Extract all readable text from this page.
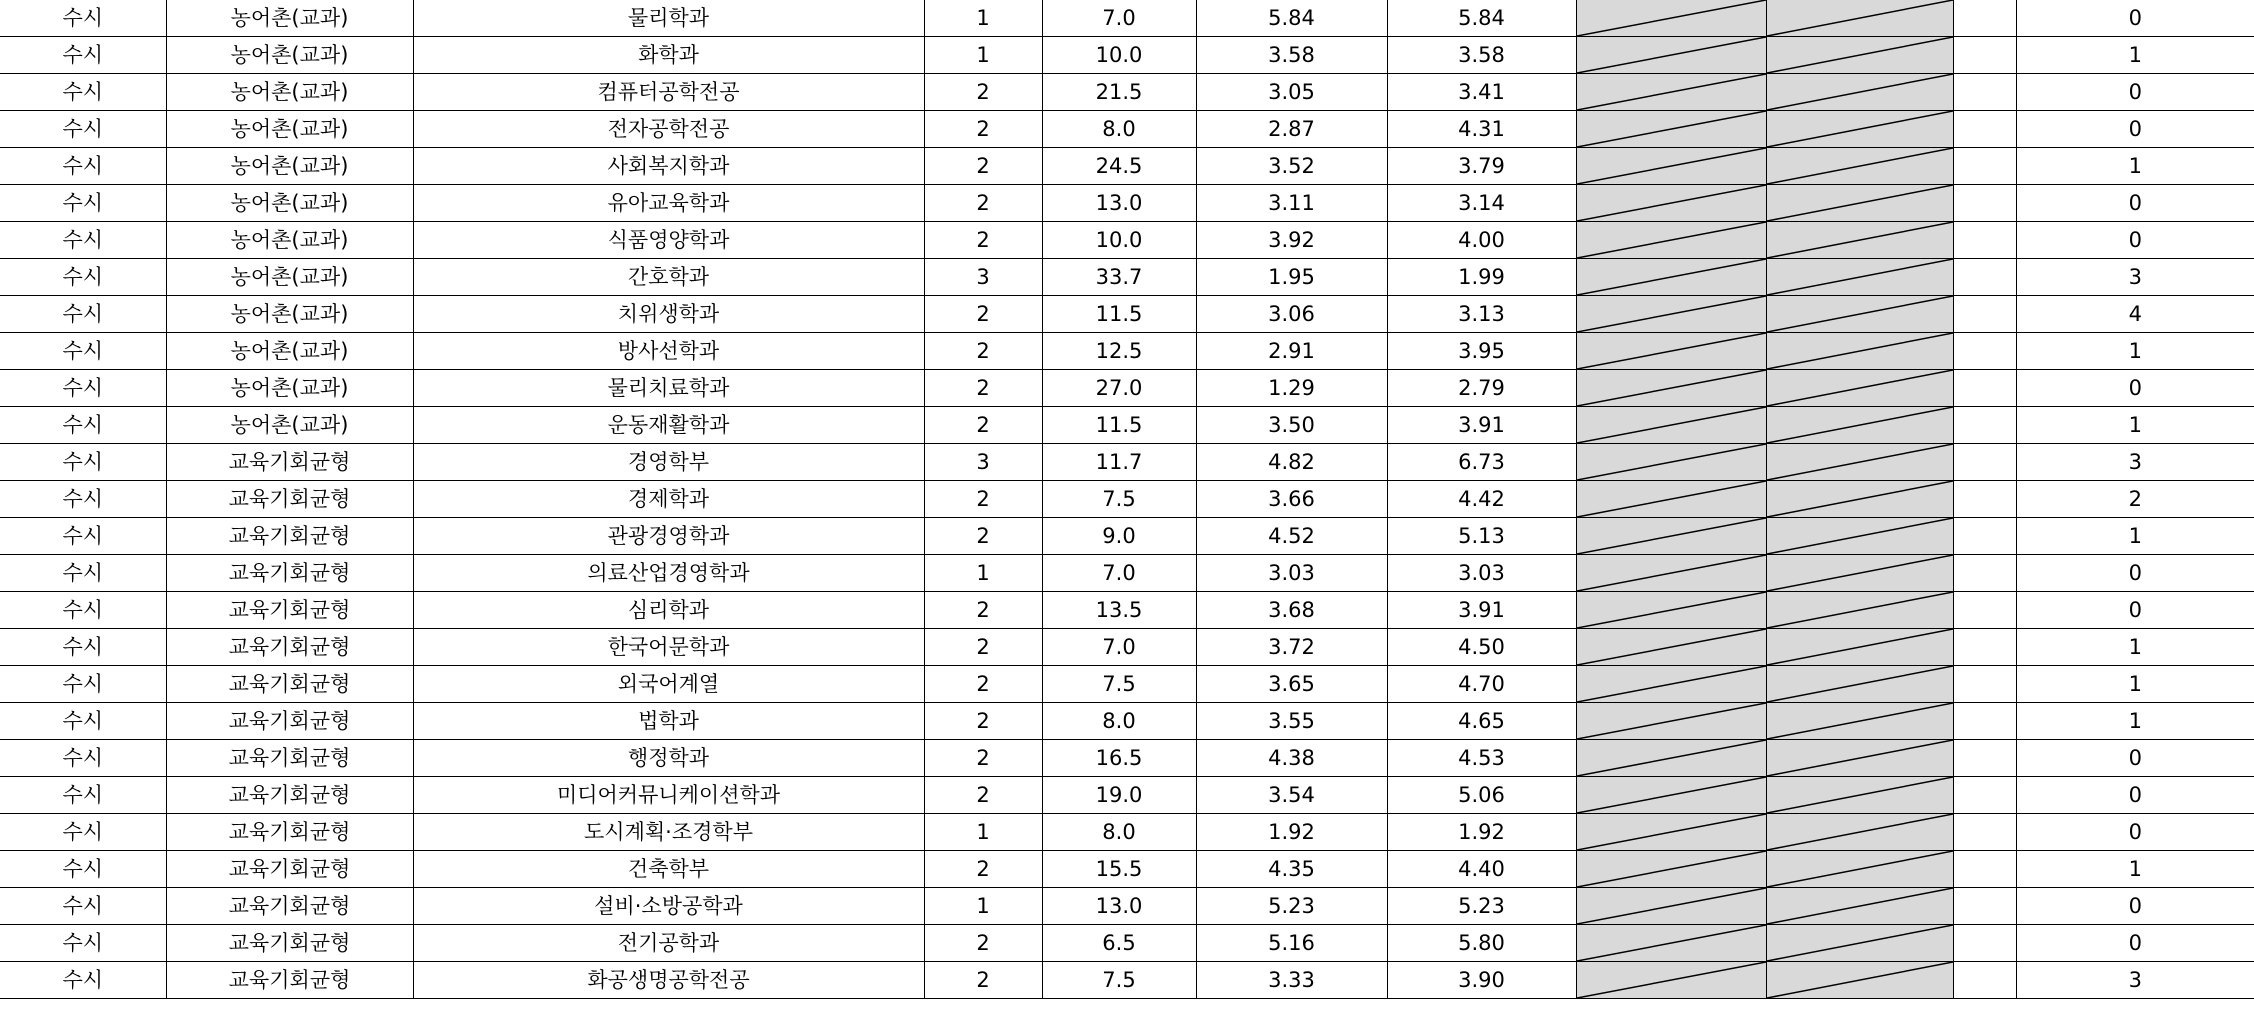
수시	농어촌(교과)	물리학과	1	7.0	5.84	5.84				0
수시	농어촌(교과)	화학과	1	10.0	3.58	3.58				1
수시	농어촌(교과)	컴퓨터공학전공	2	21.5	3.05	3.41				0
수시	농어촌(교과)	전자공학전공	2	8.0	2.87	4.31				0
수시	농어촌(교과)	사회복지학과	2	24.5	3.52	3.79				1
수시	농어촌(교과)	유아교육학과	2	13.0	3.11	3.14				0
수시	농어촌(교과)	식품영양학과	2	10.0	3.92	4.00				0
수시	농어촌(교과)	간호학과	3	33.7	1.95	1.99				3
수시	농어촌(교과)	치위생학과	2	11.5	3.06	3.13				4
수시	농어촌(교과)	방사선학과	2	12.5	2.91	3.95				1
수시	농어촌(교과)	물리치료학과	2	27.0	1.29	2.79				0
수시	농어촌(교과)	운동재활학과	2	11.5	3.50	3.91				1
수시	교육기회균형	경영학부	3	11.7	4.82	6.73				3
수시	교육기회균형	경제학과	2	7.5	3.66	4.42				2
수시	교육기회균형	관광경영학과	2	9.0	4.52	5.13				1
수시	교육기회균형	의료산업경영학과	1	7.0	3.03	3.03				0
수시	교육기회균형	심리학과	2	13.5	3.68	3.91				0
수시	교육기회균형	한국어문학과	2	7.0	3.72	4.50				1
수시	교육기회균형	외국어계열	2	7.5	3.65	4.70				1
수시	교육기회균형	법학과	2	8.0	3.55	4.65				1
수시	교육기회균형	행정학과	2	16.5	4.38	4.53				0
수시	교육기회균형	미디어커뮤니케이션학과	2	19.0	3.54	5.06				0
수시	교육기회균형	도시계획·조경학부	1	8.0	1.92	1.92				0
수시	교육기회균형	건축학부	2	15.5	4.35	4.40				1
수시	교육기회균형	설비·소방공학과	1	13.0	5.23	5.23				0
수시	교육기회균형	전기공학과	2	6.5	5.16	5.80				0
수시	교육기회균형	화공생명공학전공	2	7.5	3.33	3.90				3
